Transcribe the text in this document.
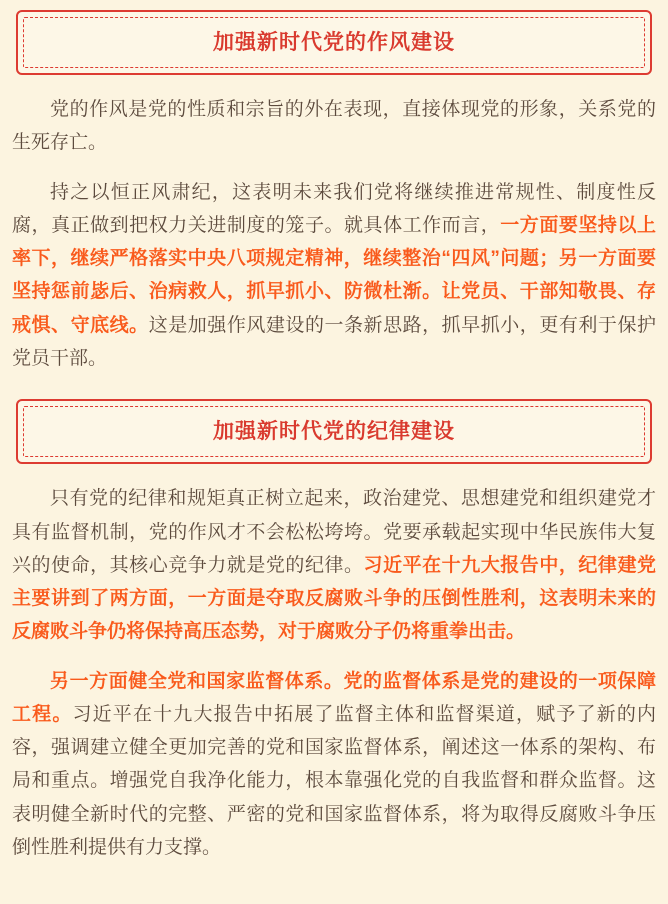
加强新时代党的作风建设

党的作风是党的性质和宗旨的外在表现，直接体现党的形象，关系党的生死存亡。

持之以恒正风肃纪，这表明未来我们党将继续推进常规性、制度性反腐，真正做到把权力关进制度的笼子。就具体工作而言，一方面要坚持以上率下，继续严格落实中央八项规定精神，继续整治“四风”问题；另一方面要坚持惩前毖后、治病救人，抓早抓小、防微杜渐。让党员、干部知敬畏、存戒惧、守底线。这是加强作风建设的一条新思路，抓早抓小，更有利于保护党员干部。

加强新时代党的纪律建设

只有党的纪律和规矩真正树立起来，政治建党、思想建党和组织建党才具有监督机制，党的作风才不会松松垮垮。党要承载起实现中华民族伟大复兴的使命，其核心竞争力就是党的纪律。习近平在十九大报告中，纪律建党主要讲到了两方面，一方面是夺取反腐败斗争的压倒性胜利，这表明未来的反腐败斗争仍将保持高压态势，对于腐败分子仍将重拳出击。

另一方面健全党和国家监督体系。党的监督体系是党的建设的一项保障工程。习近平在十九大报告中拓展了监督主体和监督渠道，赋予了新的内容，强调建立健全更加完善的党和国家监督体系，阐述这一体系的架构、布局和重点。增强党自我净化能力，根本靠强化党的自我监督和群众监督。这表明健全新时代的完整、严密的党和国家监督体系，将为取得反腐败斗争压倒性胜利提供有力支撑。
